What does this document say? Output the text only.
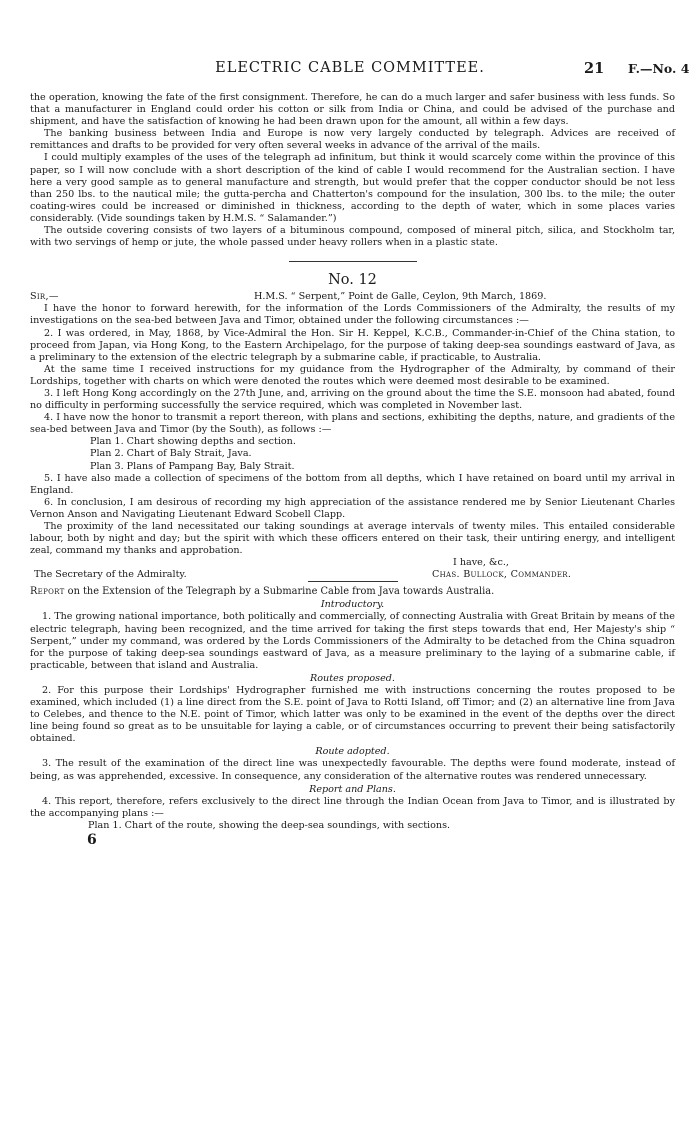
ELECTRIC CABLE COMMITTEE.	21 F.—No. 4

the operation, knowing the fate of the first consignment. Therefore, he can do a much larger and safer business with less funds. So that a manufacturer in England could order his cotton or silk from India or China, and could be advised of the purchase and shipment, and have the satisfaction of knowing he had been drawn upon for the amount, all within a few days.

The banking business between India and Europe is now very largely conducted by telegraph. Advices are received of remittances and drafts to be provided for very often several weeks in advance of the arrival of the mails.

I could multiply examples of the uses of the telegraph ad infinitum, but think it would scarcely come within the province of this paper, so I will now conclude with a short description of the kind of cable I would recommend for the Australian section. I have here a very good sample as to general manufacture and strength, but would prefer that the copper conductor should be not less than 250 lbs. to the nautical mile; the gutta-percha and Chatterton's compound for the insulation, 300 lbs. to the mile; the outer coating-wires could be increased or diminished in thickness, according to the depth of water, which in some places varies considerably. (Vide soundings taken by H.M.S. “ Salamander.”)

The outside covering consists of two layers of a bituminous compound, composed of mineral pitch, silica, and Stockholm tar, with two servings of hemp or jute, the whole passed under heavy rollers when in a plastic state.

No. 12
Sir,—	H.M.S. “ Serpent,” Point de Galle, Ceylon, 9th March, 1869.

I have the honor to forward herewith, for the information of the Lords Commissioners of the Admiralty, the results of my investigations on the sea-bed between Java and Timor, obtained under the following circumstances :—

2. I was ordered, in May, 1868, by Vice-Admiral the Hon. Sir H. Keppel, K.C.B., Commander-in-Chief of the China station, to proceed from Japan, via Hong Kong, to the Eastern Archipelago, for the purpose of taking deep-sea soundings eastward of Java, as a preliminary to the extension of the electric telegraph by a submarine cable, if practicable, to Australia.

At the same time I received instructions for my guidance from the Hydrographer of the Admiralty, by command of their Lordships, together with charts on which were denoted the routes which were deemed most desirable to be examined.

3. I left Hong Kong accordingly on the 27th June, and, arriving on the ground about the time the S.E. monsoon had abated, found no difficulty in performing successfully the service required, which was completed in November last.

4. I have now the honor to transmit a report thereon, with plans and sections, exhibiting the depths, nature, and gradients of the sea-bed between Java and Timor (by the South), as follows :—

Plan 1. Chart showing depths and section.

Plan 2. Chart of Baly Strait, Java.

Plan 3. Plans of Pampang Bay, Baly Strait.

5. I have also made a collection of specimens of the bottom from all depths, which I have retained on board until my arrival in England.

6. In conclusion, I am desirous of recording my high appreciation of the assistance rendered me by Senior Lieutenant Charles Vernon Anson and Navigating Lieutenant Edward Scobell Clapp.

The proximity of the land necessitated our taking soundings at average intervals of twenty miles. This entailed considerable labour, both by night and day; but the spirit with which these officers entered on their task, their untiring energy, and intelligent zeal, command my thanks and approbation.

I have, &c.,
The Secretary of the Admiralty.	Chas. Bullock, Commander.

Report on the Extension of the Telegraph by a Submarine Cable from Java towards Australia.

Introductory.

1. The growing national importance, both politically and commercially, of connecting Australia with Great Britain by means of the electric telegraph, having been recognized, and the time arrived for taking the first steps towards that end, Her Majesty's ship “ Serpent,” under my command, was ordered by the Lords Commissioners of the Admiralty to be detached from the China squadron for the purpose of taking deep-sea soundings eastward of Java, as a measure preliminary to the laying of a submarine cable, if practicable, between that island and Australia.

Routes proposed.

2. For this purpose their Lordships' Hydrographer furnished me with instructions concerning the routes proposed to be examined, which included (1) a line direct from the S.E. point of Java to Rotti Island, off Timor; and (2) an alternative line from Java to Celebes, and thence to the N.E. point of Timor, which latter was only to be examined in the event of the depths over the direct line being found so great as to be unsuitable for laying a cable, or of circumstances occurring to prevent their being satisfactorily obtained.

Route adopted.

3. The result of the examination of the direct line was unexpectedly favourable. The depths were found moderate, instead of being, as was apprehended, excessive. In consequence, any consideration of the alternative routes was rendered unnecessary.

Report and Plans.

4. This report, therefore, refers exclusively to the direct line through the Indian Ocean from Java to Timor, and is illustrated by the accompanying plans :—

Plan 1. Chart of the route, showing the deep-sea soundings, with sections.

6
